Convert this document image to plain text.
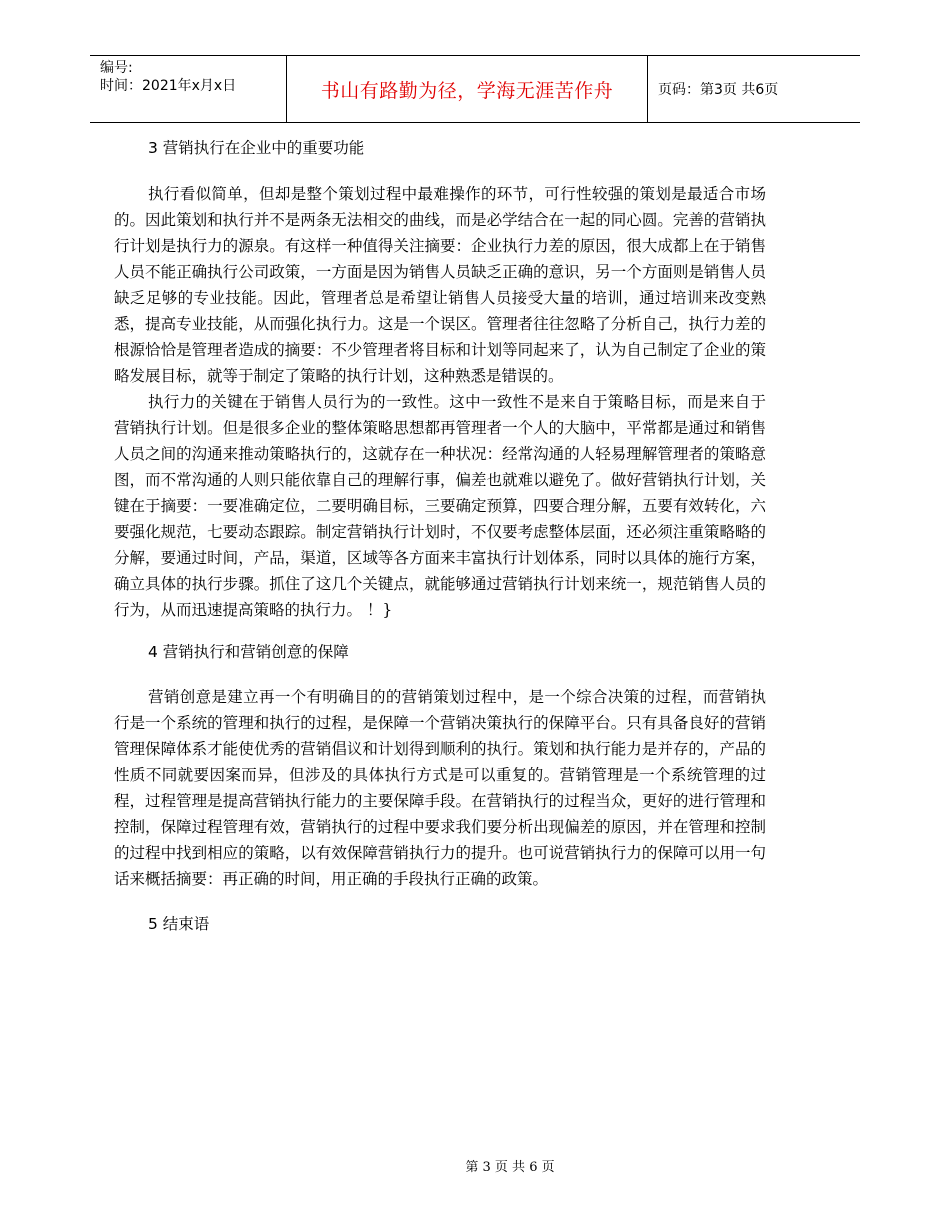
编号:
时间：2021年x月x日	书山有路勤为径，学海无涯苦作舟	页码：第3页 共6页
3 营销执行在企业中的重要功能

执行看似简单，但却是整个策划过程中最难操作的环节，可行性较强的策划是最适合市场的。因此策划和执行并不是两条无法相交的曲线，而是必学结合在一起的同心圆。完善的营销执行计划是执行力的源泉。有这样一种值得关注摘要：企业执行力差的原因，很大成都上在于销售人员不能正确执行公司政策，一方面是因为销售人员缺乏正确的意识，另一个方面则是销售人员缺乏足够的专业技能。因此，管理者总是希望让销售人员接受大量的培训，通过培训来改变熟悉，提高专业技能，从而强化执行力。这是一个误区。管理者往往忽略了分析自己，执行力差的根源恰恰是管理者造成的摘要：不少管理者将目标和计划等同起来了，认为自己制定了企业的策略发展目标，就等于制定了策略的执行计划，这种熟悉是错误的。

执行力的关键在于销售人员行为的一致性。这中一致性不是来自于策略目标，而是来自于营销执行计划。但是很多企业的整体策略思想都再管理者一个人的大脑中，平常都是通过和销售人员之间的沟通来推动策略执行的，这就存在一种状况：经常沟通的人轻易理解管理者的策略意图，而不常沟通的人则只能依靠自己的理解行事，偏差也就难以避免了。做好营销执行计划，关键在于摘要：一要准确定位，二要明确目标，三要确定预算，四要合理分解，五要有效转化，六要强化规范，七要动态跟踪。制定营销执行计划时，不仅要考虑整体层面，还必须注重策略略的分解，要通过时间，产品，渠道，区域等各方面来丰富执行计划体系，同时以具体的施行方案，确立具体的执行步骤。抓住了这几个关键点，就能够通过营销执行计划来统一，规范销售人员的行为，从而迅速提高策略的执行力。 ！}

4 营销执行和营销创意的保障

营销创意是建立再一个有明确目的的营销策划过程中，是一个综合决策的过程，而营销执行是一个系统的管理和执行的过程，是保障一个营销决策执行的保障平台。只有具备良好的营销管理保障体系才能使优秀的营销倡议和计划得到顺利的执行。策划和执行能力是并存的，产品的性质不同就要因案而异，但涉及的具体执行方式是可以重复的。营销管理是一个系统管理的过程，过程管理是提高营销执行能力的主要保障手段。在营销执行的过程当众，更好的进行管理和控制，保障过程管理有效，营销执行的过程中要求我们要分析出现偏差的原因，并在管理和控制的过程中找到相应的策略，以有效保障营销执行力的提升。也可说营销执行力的保障可以用一句话来概括摘要：再正确的时间，用正确的手段执行正确的政策。

5 结束语
第 3 页 共 6 页
